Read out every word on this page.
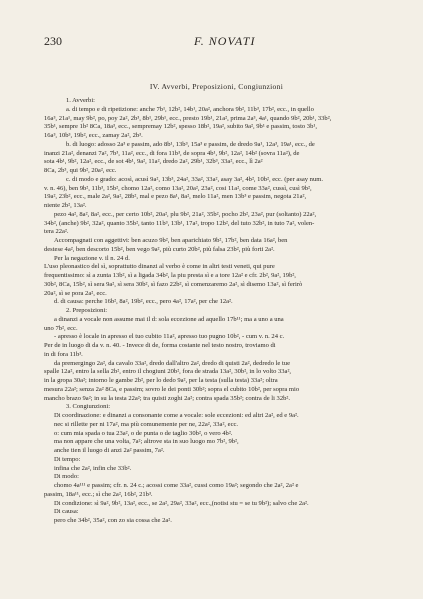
230	F. NOVATI
IV. Avverbi, Preposizioni, Congiunzioni

1. Avverbi:

a. di tempo e di ripetizione: anche 7b¹, 12b², 14b¹, 20a², anchora 9b², 11b³, 17b², ecc., in quello

16a³, 21a¹, may 9b², po, poy 2a², 2b³, 8b¹, 29b¹, ecc., presto 19b¹, 21a², prima 2a³, 4a¹, quando 9b², 20b¹, 33b²,

35b¹, sempre 1b² 8Ca, 18a³, ecc., sempremay 12b², spesso 18b², 19a², subito 9a², 9b¹ e passim, tosto 3b¹,

16a³, 10b³, 19b², ecc., zamay 2a², 2b³.

b. di luogo: adosso 2a³ e passim, ado 8b¹, 13b³, 15a³ e passim, de dredo 9a¹, 12a³, 19a¹, ecc., de

inanzi 21a², denanzi 7a², 7b³, 11a², ecc., di fora 11b³, de sopra 4b¹, 9b², 12a², 14b² (sovra 11a²), de

sota 4b¹, 9b², 12a², ecc., de sot 4b¹, 9a², 11a², dredo 2a², 29b¹, 32b³, 33a², ecc., lì 2a²

8Ca, 2b³, qui 9b², 20a², ecc.

c. di modo e grado: acosì, acusì 9a², 13b³, 24a², 33a², 33a², asay 3a², 4b², 10b², ecc. (per asay num.

v. n. 46), ben 9b², 11b³, 15b², chomo 12a², como 13a², 20a², 23a², cosi 11a², come 33a², cussì, cusì 9b²,

19a², 23b², ecc., male 2a², 9a², 28b², mal e pezo 8a¹, 8a², melo 11a², men 13b³ e passim, negota 21a²,

niente 2b², 13a².

pezo 4a², 8a², 8a², ecc., per certo 10b², 20a², plu 9b², 21a², 35b², pocho 2b², 23a², pur (soltanto) 22a²,

34b², (anche) 9b², 32a², quanto 35b², tanto 11b³, 13b¹, 17a², tropo 12b², del tuto 32b², in tuto 7a², volen-

tera 22a².

Accompagnati con aggettivi: ben acuzo 9b², ben aparichiato 9b², 17b², ben data 16a², ben

destese 4a², ben descorto 15b², ben vego 9a², più curto 20b², più falsa 23b², più forti 2a².

Per la negazione v. il n. 24 d.

L'uso pleonastico del sì, soprattutto dinanzi al verbo è come in altri testi veneti, qui pure

frequentissimo: sì a zunta 13b², sì a ligada 34b², la piu presta sì e a tore 12a² e cfr. 2b², 9a², 19b²,

30b², 8Ca, 15b², sì sera 9a², sì sera 30b², sì fazo 22b², sì comenzaremo 2a², sì disemo 13a², sì ferirò

20a², sì se pora 2a², ecc.

d. di causa: perche 16b², 8a², 19b², ecc., pero 4a², 17a², per che 12a².

2. Preposizioni:

a dinanzi a vocale non assume mai il d: sola eccezione ad aquello 17b¹¹; ma a uno a una

uno 7b², ecc.

- apresso è locale in apresso el tuo cubito 11a², apresso tuo pugno 10b², - cum v. n. 24 c.

Per de in luogo di da v. n. 40. - Invece di de, forma costante nel testo nostro, troviamo di

in di fora 11b³.

da premergingo 2a², da cavalo 33a², dredo dall'altro 2a², dredo di quisti 2a², dedredo le tue

spalle 12a², entro la sella 2b², entro il chogiuni 20b², fora de strada 13a², 30b², in lo volto 33a²,

in la gropa 30a²; intorno le gambe 2b², per lo dedo 9a², per la testa (sulla testa) 33a²; oltra

mesura 22a²; senza 2a² 8Ca, e passim; sovro le dei ponti 30b²; sopra el cubito 10b², per sopra mio

mancho brazo 9a²; in su la testa 22a²; tra quisti zoghi 2a²; contra spada 35b²; contra de li 32b².

3. Congiunzioni:

Di coordinazione: e dinanzi a consonante come a vocale: sole eccezioni: ed altri 2a², ed e 9a².

nec si rillette per ni 17a², ma più comunemente per ne, 22a², 33a², ecc.

o: cum mia spada o tua 23a², o de punta o de taglio 30b², o vero 4b².

ma non appare che una volta, 7a²; altrove sta in suo luogo mo 7b², 9b²,

anche tien il luogo di anzi 2a² passim, 7a².

Di tempo:

infina che 2a², infin che 33b².

Di modo:

chomo 4a¹¹¹ e passim; cfr. n. 24 c.; acossi come 33a², cussi como 19a²; segondo che 2a², 2a² e

passim, 18a¹¹, ecc.; sì che 2a², 16b², 21b³.

Di condizione: sì 9a², 9b², 13a², ecc., se 2a², 29a², 33a², ecc.,(notisi stu = se tu 9b²); salvo che 2a².

Di causa:

pero che 34b², 35a², con zo sia cossa che 2a².
